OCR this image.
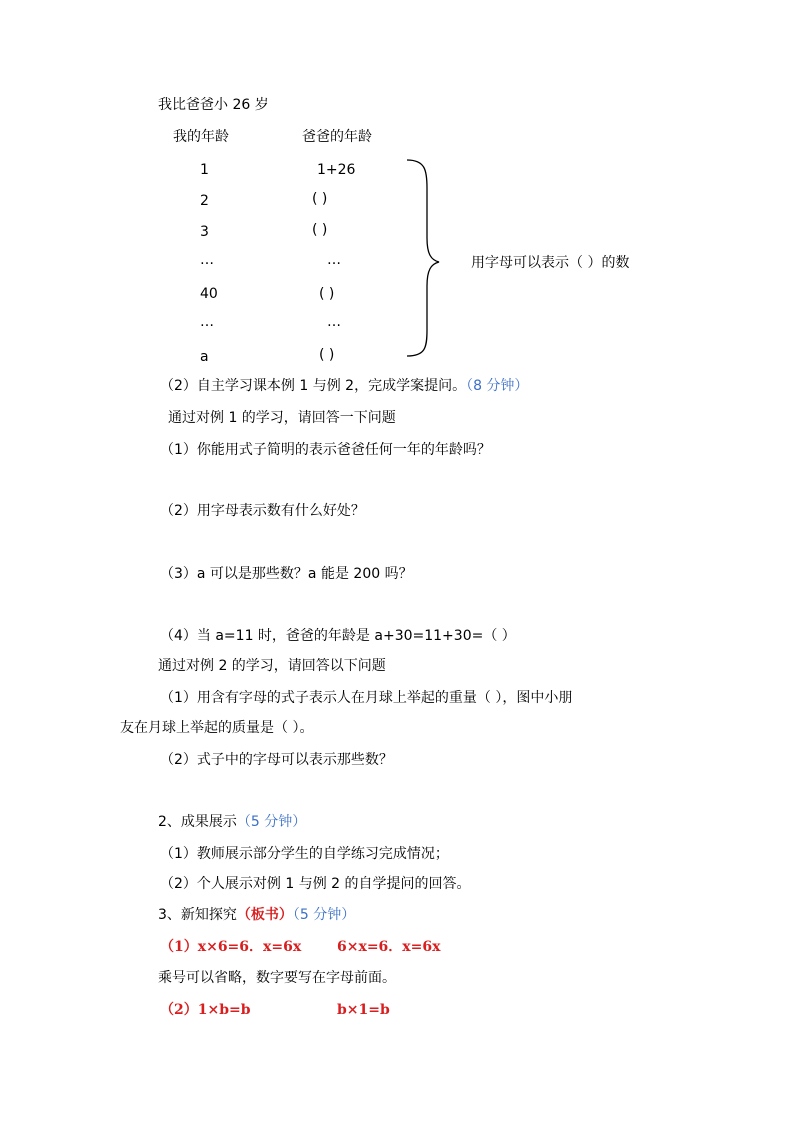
我比爸爸小 26 岁
我的年龄	爸爸的年龄
1	1+26
2	( )
3	( )
…	…
40	( )
…	…
a	( )
用字母可以表示（ ）的数
（2）自主学习课本例 1 与例 2，完成学案提问。（8 分钟）
通过对例 1 的学习，请回答一下问题
（1）你能用式子简明的表示爸爸任何一年的年龄吗？
（2）用字母表示数有什么好处？
（3）a 可以是那些数？a 能是 200 吗？
（4）当 a=11 时，爸爸的年龄是 a+30=11+30=（ ）
通过对例 2 的学习，请回答以下问题
（1）用含有字母的式子表示人在月球上举起的重量（ ），图中小朋
友在月球上举起的质量是（ ）。
（2）式子中的字母可以表示那些数？
2、成果展示（5 分钟）
（1）教师展示部分学生的自学练习完成情况；
（2）个人展示对例 1 与例 2 的自学提问的回答。
3、新知探究（板书）（5 分钟）
（1）x×6=6．x=6x	6×x=6．x=6x
乘号可以省略，数字要写在字母前面。
（2）1×b=b	b×1=b
